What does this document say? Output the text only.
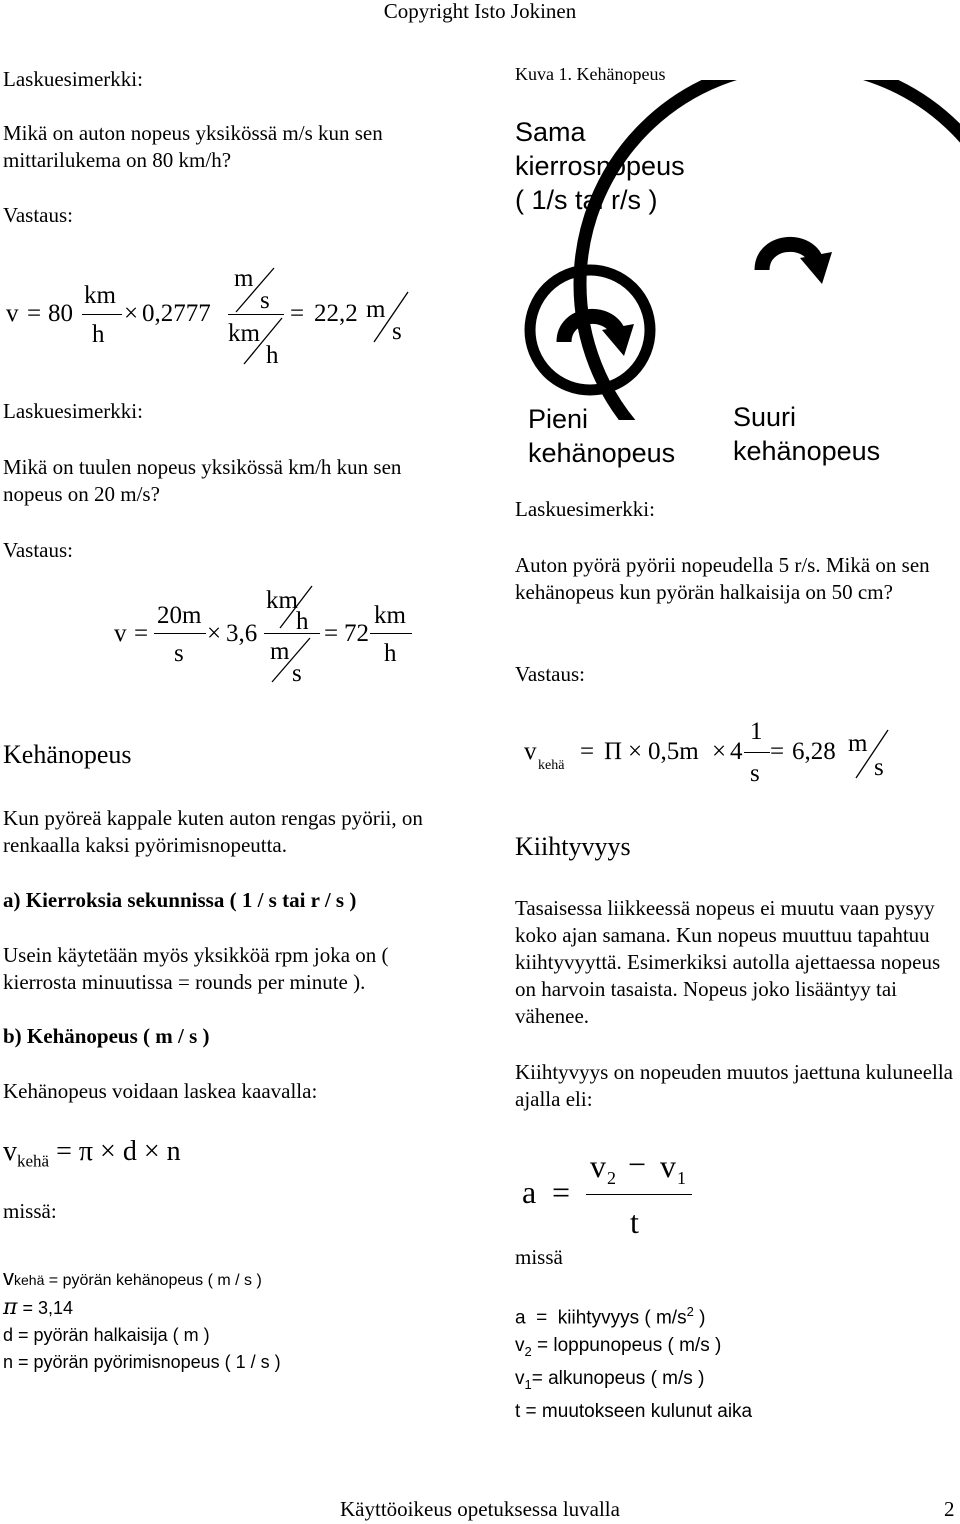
Copyright Isto Jokinen
Laskuesimerkki:
Mikä on auton nopeus yksikössä m/s kun sen mittarilukema on 80 km/h?
Vastaus:
v = 80
km
h
× 0,2777
m
s
km
h
= 22,2 m
s
Laskuesimerkki:
Mikä on tuulen nopeus yksikössä km/h kun sen nopeus on 20 m/s?
Vastaus:
v =
20m
s
× 3,6
km
h
m
s
= 72
km
h
Kehänopeus
Kun pyöreä kappale kuten auton rengas pyörii, on renkaalla kaksi pyörimisnopeutta.
a) Kierroksia sekunnissa ( 1 / s tai r / s )
Usein käytetään myös yksikköä rpm joka on ( kierrosta minuutissa = rounds per minute ).
b) Kehänopeus ( m / s )
Kehänopeus voidaan laskea kaavalla:
$v_{kehä} = \pi \times d \times n$
missä:
vkehä = pyörän kehänopeus ( m / s )
π = 3,14
d = pyörän halkaisija ( m )
n = pyörän pyörimisnopeus ( 1 / s )
Kuva 1. Kehänopeus
Sama
kierrosnopeus
( 1/s tai r/s )
Pieni
kehänopeus
Suuri
kehänopeus
Laskuesimerkki:
Auton pyörä pyörii nopeudella 5 r/s. Mikä on sen kehänopeus kun pyörän halkaisija on 50 cm?
Vastaus:
v
kehä
= Π × 0,5m × 4
1
s
= 6,28 m
s
Kiihtyvyys
Tasaisessa liikkeessä nopeus ei muutu vaan pysyy koko ajan samana. Kun nopeus muuttuu tapahtuu kiihtyvyyttä. Esimerkiksi autolla ajettaessa nopeus on harvoin tasaista. Nopeus joko lisääntyy tai vähenee.
Kiihtyvyys on nopeuden muutos jaettuna kuluneella ajalla eli:
a =
v 2 − v 1
t
missä
a  =  kiihtyvyys ( $m/s^2$ )
$v_2$ = loppunopeus ( m/s )
$v_1=$ alkunopeus ( m/s )
t = muutokseen kulunut aika
Käyttöoikeus opetuksessa luvalla	2
